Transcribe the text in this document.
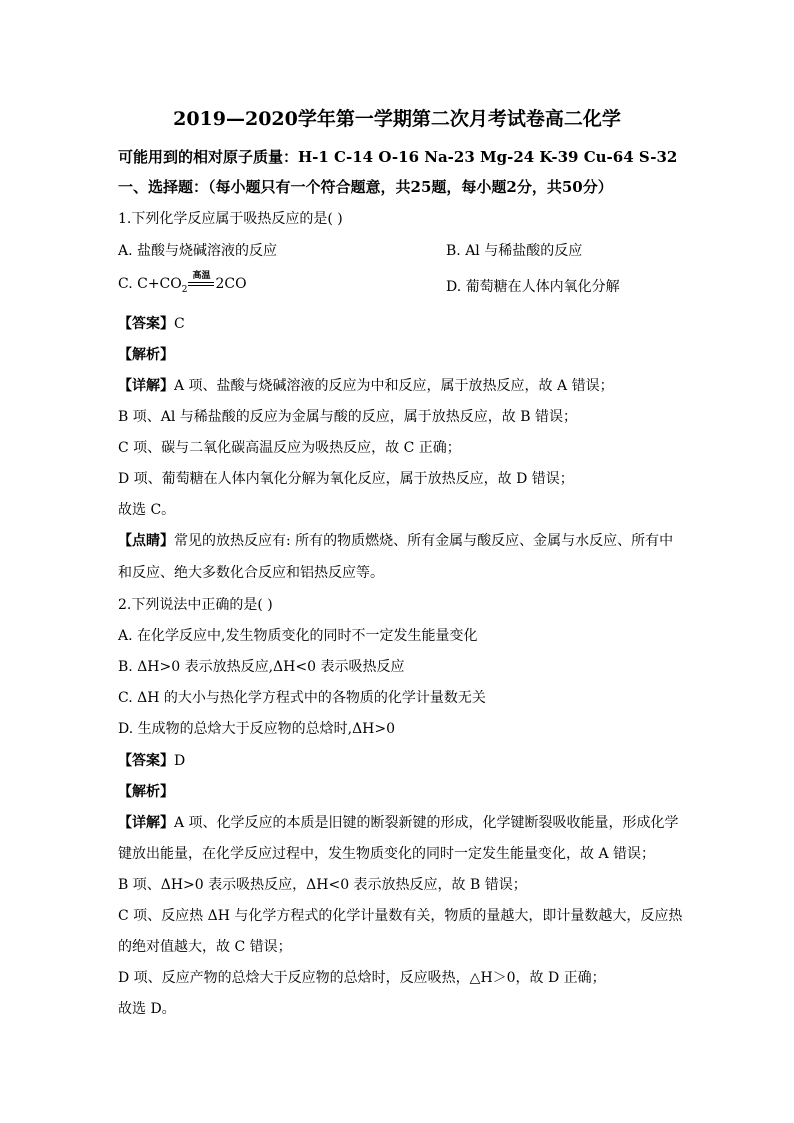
2019—2020学年第一学期第二次月考试卷高二化学
可能用到的相对原子质量：H-1 C-14 O-16 Na-23 Mg-24 K-39 Cu-64 S-32
一、选择题：（每小题只有一个符合题意，共25题，每小题2分，共50分）
1.下列化学反应属于吸热反应的是( )
A. 盐酸与烧碱溶液的反应	B. Al 与稀盐酸的反应
C. $C+CO_2$
高温 2CO	D. 葡萄糖在人体内氧化分解
【答案】C
【解析】
【详解】A 项、盐酸与烧碱溶液的反应为中和反应，属于放热反应，故 A 错误；
B 项、Al 与稀盐酸的反应为金属与酸的反应，属于放热反应，故 B 错误；
C 项、碳与二氧化碳高温反应为吸热反应，故 C 正确；
D 项、葡萄糖在人体内氧化分解为氧化反应，属于放热反应，故 D 错误；
故选 C。
【点睛】常见的放热反应有: 所有的物质燃烧、所有金属与酸反应、金属与水反应、所有中
和反应、绝大多数化合反应和铝热反应等。
2.下列说法中正确的是( )
A. 在化学反应中,发生物质变化的同时不一定发生能量变化
B. ΔH>0 表示放热反应,ΔH<0 表示吸热反应
C. ΔH 的大小与热化学方程式中的各物质的化学计量数无关
D. 生成物的总焓大于反应物的总焓时,ΔH>0
【答案】D
【解析】
【详解】A 项、化学反应的本质是旧键的断裂新键的形成，化学键断裂吸收能量，形成化学
键放出能量，在化学反应过程中，发生物质变化的同时一定发生能量变化，故 A 错误；
B 项、ΔH>0 表示吸热反应，ΔH<0 表示放热反应，故 B 错误；
C 项、反应热 ΔH 与化学方程式的化学计量数有关，物质的量越大，即计量数越大，反应热
的绝对值越大，故 C 错误；
D 项、反应产物的总焓大于反应物的总焓时，反应吸热，△H＞0，故 D 正确；
故选 D。
